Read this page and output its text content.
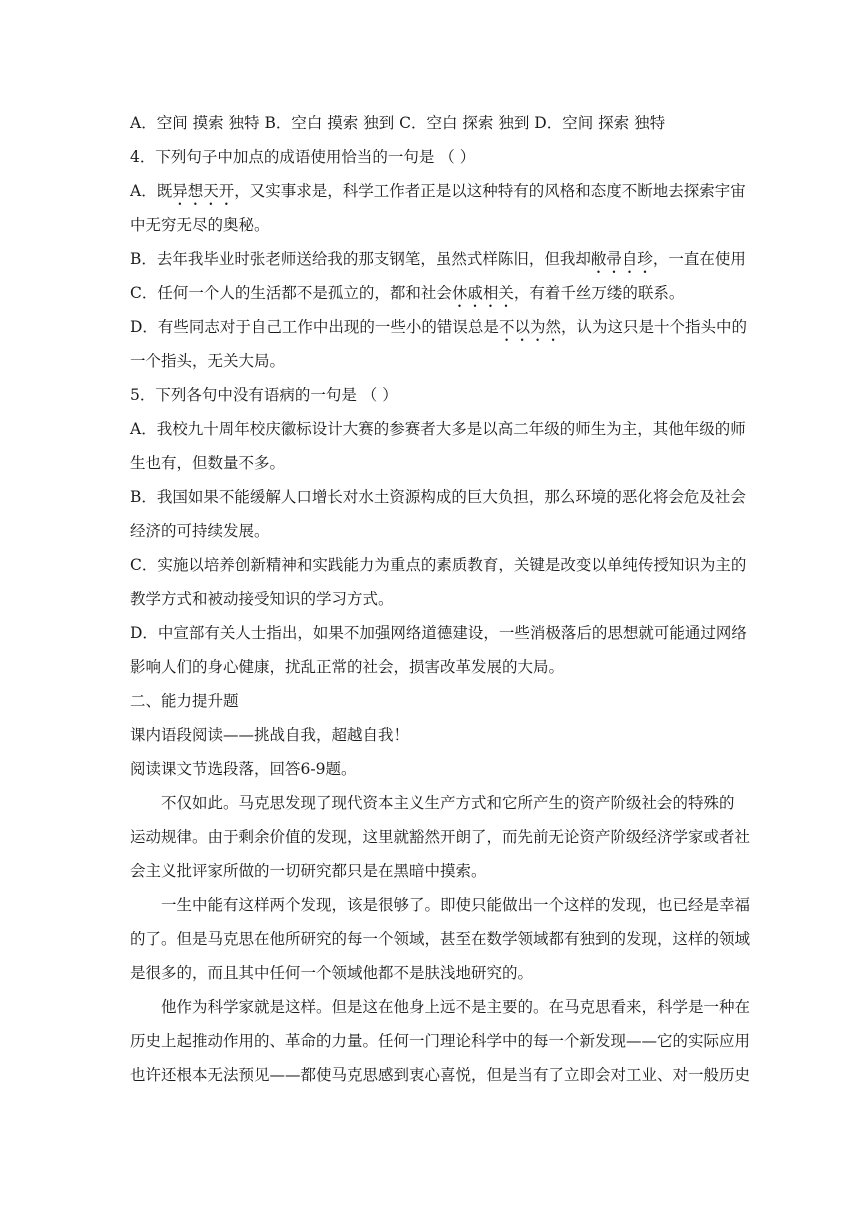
A．空间 摸索 独特 B．空白 摸索 独到 C．空白 探索 独到 D．空间 探索 独特
4．下列句子中加点的成语使用恰当的一句是 （ ）
A．既异想天开，又实事求是，科学工作者正是以这种特有的风格和态度不断地去探索宇宙
中无穷无尽的奥秘。
B．去年我毕业时张老师送给我的那支钢笔，虽然式样陈旧，但我却敝帚自珍，一直在使用
C．任何一个人的生活都不是孤立的，都和社会休戚相关，有着千丝万缕的联系。
D．有些同志对于自己工作中出现的一些小的错误总是不以为然，认为这只是十个指头中的
一个指头，无关大局。
5．下列各句中没有语病的一句是 （ ）
A．我校九十周年校庆徽标设计大赛的参赛者大多是以高二年级的师生为主，其他年级的师
生也有，但数量不多。
B．我国如果不能缓解人口增长对水土资源构成的巨大负担，那么环境的恶化将会危及社会
经济的可持续发展。
C．实施以培养创新精神和实践能力为重点的素质教育，关键是改变以单纯传授知识为主的
教学方式和被动接受知识的学习方式。
D．中宣部有关人士指出，如果不加强网络道德建设，一些消极落后的思想就可能通过网络
影响人们的身心健康，扰乱正常的社会，损害改革发展的大局。
二、能力提升题
课内语段阅读——挑战自我，超越自我！
阅读课文节选段落，回答6-9题。
不仅如此。马克思发现了现代资本主义生产方式和它所产生的资产阶级社会的特殊的
运动规律。由于剩余价值的发现，这里就豁然开朗了，而先前无论资产阶级经济学家或者社
会主义批评家所做的一切研究都只是在黑暗中摸索。
一生中能有这样两个发现，该是很够了。即使只能做出一个这样的发现，也已经是幸福
的了。但是马克思在他所研究的每一个领域，甚至在数学领域都有独到的发现，这样的领域
是很多的，而且其中任何一个领域他都不是肤浅地研究的。
他作为科学家就是这样。但是这在他身上远不是主要的。在马克思看来，科学是一种在
历史上起推动作用的、革命的力量。任何一门理论科学中的每一个新发现——它的实际应用
也许还根本无法预见——都使马克思感到衷心喜悦，但是当有了立即会对工业、对一般历史
